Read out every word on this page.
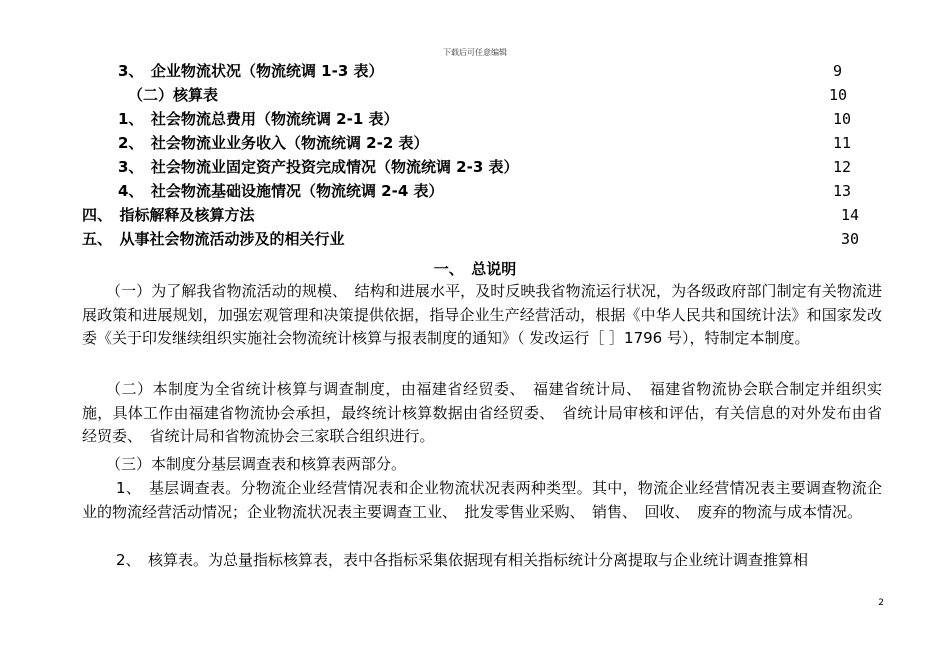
下载后可任意编辑
3、　企业物流状况（物流统调 1-3 表）	9
（二）核算表	10
1、　社会物流总费用（物流统调 2-1 表）	10
2、　社会物流业业务收入（物流统调 2-2 表）	11
3、　社会物流业固定资产投资完成情况（物流统调 2-3 表）	12
4、　社会物流基础设施情况（物流统调 2-4 表）	13
四、　指标解释及核算方法	14
五、　从事社会物流活动涉及的相关行业	30
一、　总说明
（一）为了解我省物流活动的规模、　结构和进展水平，及时反映我省物流运行状况，为各级政府部门制定有关物流进展政策和进展规划，加强宏观管理和决策提供依据，指导企业生产经营活动，根据《中华人民共和国统计法》和国家发改委《关于印发继续组织实施社会物流统计核算与报表制度的通知》（ 发改运行［ ］1796 号），特制定本制度。
（二）本制度为全省统计核算与调查制度，由福建省经贸委、　福建省统计局、　福建省物流协会联合制定并组织实施，具体工作由福建省物流协会承担，最终统计核算数据由省经贸委、　省统计局审核和评估，有关信息的对外发布由省经贸委、　省统计局和省物流协会三家联合组织进行。
（三）本制度分基层调查表和核算表两部分。
1、　基层调查表。分物流企业经营情况表和企业物流状况表两种类型。其中，物流企业经营情况表主要调查物流企业的物流经营活动情况；企业物流状况表主要调查工业、　批发零售业采购、　销售、　回收、　废弃的物流与成本情况。
2、　核算表。为总量指标核算表，表中各指标采集依据现有相关指标统计分离提取与企业统计调查推算相
2
